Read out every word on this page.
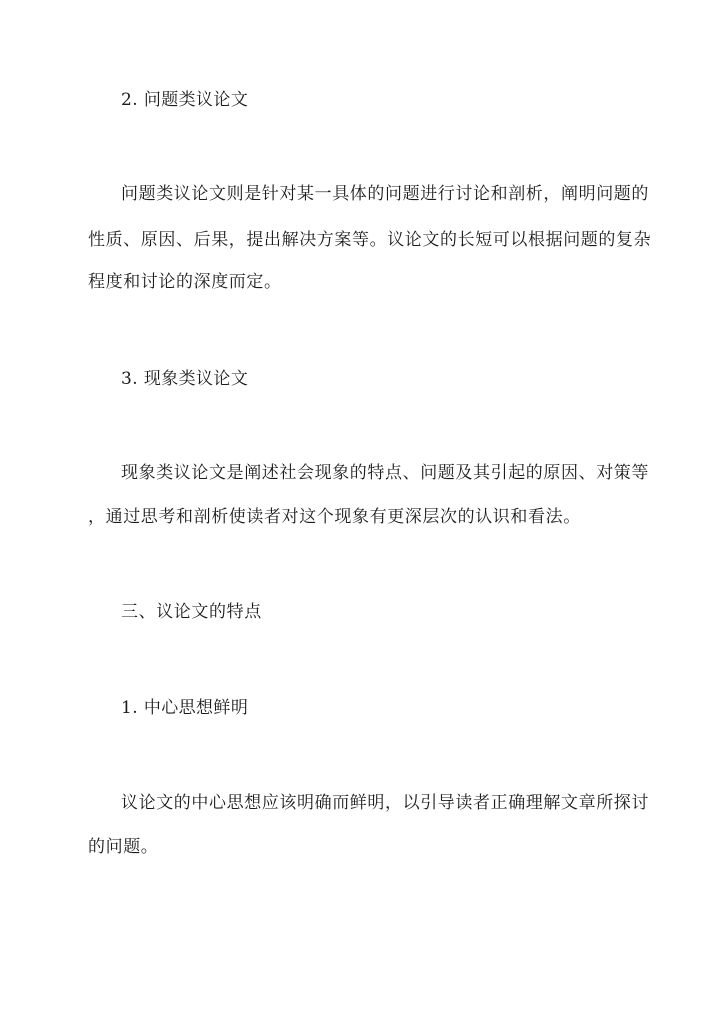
2. 问题类议论文
问题类议论文则是针对某一具体的问题进行讨论和剖析，阐明问题的
性质、原因、后果，提出解决方案等。议论文的长短可以根据问题的复杂
程度和讨论的深度而定。
3. 现象类议论文
现象类议论文是阐述社会现象的特点、问题及其引起的原因、对策等
，通过思考和剖析使读者对这个现象有更深层次的认识和看法。
三、议论文的特点
1. 中心思想鲜明
议论文的中心思想应该明确而鲜明，以引导读者正确理解文章所探讨
的问题。
